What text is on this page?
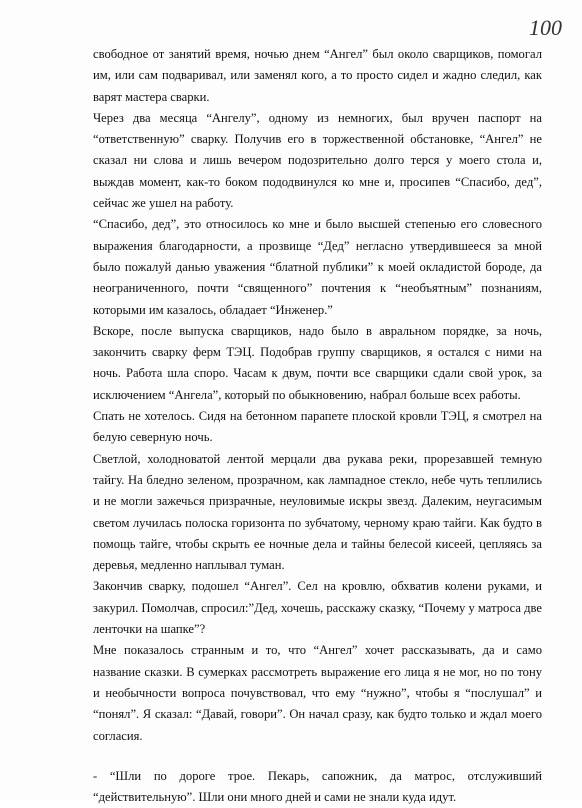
100

свободное от занятий время, ночью днем “Ангел” был около сварщиков, помогал им, или сам подваривал, или заменял кого, а то просто сидел и жадно следил, как варят мастера сварки.

Через два месяца “Ангелу”, одному из немногих, был вручен паспорт на “ответственную” сварку. Получив его в торжественной обстановке, “Ангел” не сказал ни слова и лишь вечером подозрительно долго терся у моего стола и, выждав момент, как-то боком пододвинулся ко мне и, просипев “Спасибо, дед”, сейчас же ушел на работу.

“Спасибо, дед”, это относилось ко мне и было высшей степенью его словесного выражения благодарности, а прозвище “Дед” негласно утвердившееся за мной было пожалуй данью уважения “блатной публики” к моей окладистой бороде, да неограниченного, почти “священного” почтения к “необъятным” познаниям, которыми им казалось, обладает “Инженер.”

Вскоре, после выпуска сварщиков, надо было в авральном порядке, за ночь, закончить сварку ферм ТЭЦ. Подобрав группу сварщиков, я остался с ними на ночь. Работа шла споро. Часам к двум, почти все сварщики сдали свой урок, за исключением “Ангела”, который по обыкновению, набрал больше всех работы.

Спать не хотелось. Сидя на бетонном парапете плоской кровли ТЭЦ, я смотрел на белую северную ночь.

Светлой, холодноватой лентой мерцали два рукава реки, прорезавшей темную тайгу. На бледно зеленом, прозрачном, как лампадное стекло, небе чуть теплились и не могли зажечься призрачные, неуловимые искры звезд. Далеким, неугасимым светом лучилась полоска горизонта по зубчатому, черному краю тайги. Как будто в помощь тайге, чтобы скрыть ее ночные дела и тайны белесой кисеей, цепляясь за деревья, медленно наплывал туман.

Закончив сварку, подошел “Ангел”. Сел на кровлю, обхватив колени руками, и закурил. Помолчав, спросил:”Дед, хочешь, расскажу сказку, “Почему у матроса две ленточки на шапке”?

Мне показалось странным и то, что “Ангел” хочет рассказывать, да и само название сказки. В сумерках рассмотреть выражение его лица я не мог, но по тону и необычности вопроса почувствовал, что ему “нужно”, чтобы я “послушал” и “понял”. Я сказал: “Давай, говори”. Он начал сразу, как будто только и ждал моего согласия.

- “Шли по дороге трое. Пекарь, сапожник, да матрос, отслуживший “действительную”. Шли они много дней и сами не знали куда идут.
